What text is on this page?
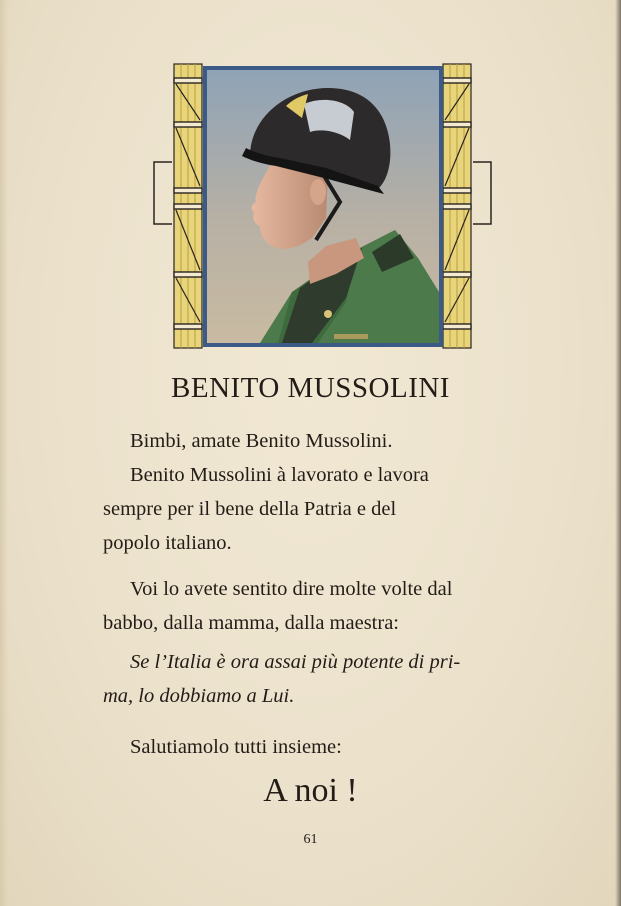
BENITO MUSSOLINI
Bimbi, amate Benito Mussolini.
Benito Mussolini à lavorato e lavora
sempre per il bene della Patria e del
popolo italiano.
Voi lo avete sentito dire molte volte dal
babbo, dalla mamma, dalla maestra:
Se l’Italia è ora assai più potente di pri-
ma, lo dobbiamo a Lui.
Salutiamolo tutti insieme:
A noi !
61
